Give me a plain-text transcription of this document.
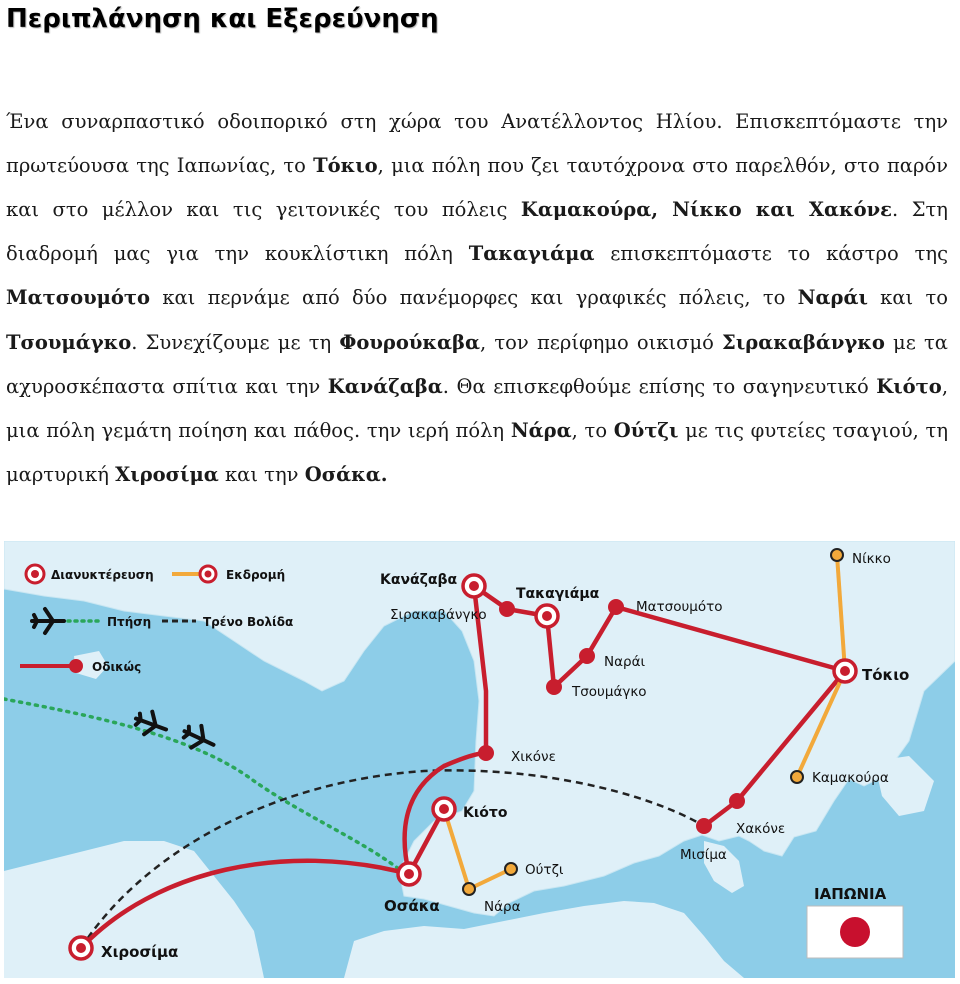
Περιπλάνηση και Εξερεύνηση

Ένα συναρπαστικό οδοιπορικό στη χώρα του Ανατέλλοντος Ηλίου. Επισκεπτόμαστε την πρωτεύουσα της Ιαπωνίας, το Τόκιο, μια πόλη που ζει ταυτόχρονα στο παρελθόν, στο παρόν και στο μέλλον και τις γειτονικές του πόλεις Καμακούρα, Νίκκο και Χακόνε. Στη διαδρομή μας για την κουκλίστικη πόλη Τακαγιάμα επισκεπτόμαστε το κάστρο της Ματσουμότο και περνάμε από δύο πανέμορφες και γραφικές πόλεις, το Ναράι και το Τσουμάγκο. Συνεχίζουμε με τη Φουρούκαβα, τον περίφημο οικισμό Σιρακαβάνγκο με τα αχυροσκέπαστα σπίτια και την Κανάζαβα. Θα επισκεφθούμε επίσης το σαγηνευτικό Κιότο, μια πόλη γεμάτη ποίηση και πάθος. την ιερή πόλη Νάρα, το Ούτζι με τις φυτείες τσαγιού, τη μαρτυρική Χιροσίμα και την Οσάκα.

Κανάζαβα
Τακαγιάμα
Σιρακαβάνγκο	Ματσουμότο
Ναράι
Τσουμάγκο
Νίκκο
Τόκιο
Καμακούρα
Χακόνε
Μισίμα
Χικόνε
Κιότο
Ούτζι
Νάρα
Οσάκα
Χιροσίμα
Διανυκτέρευση	Εκδρομή
Πτήση	Τρένο Βολίδα
Οδικώς
ΙΑΠΩΝΙΑ
